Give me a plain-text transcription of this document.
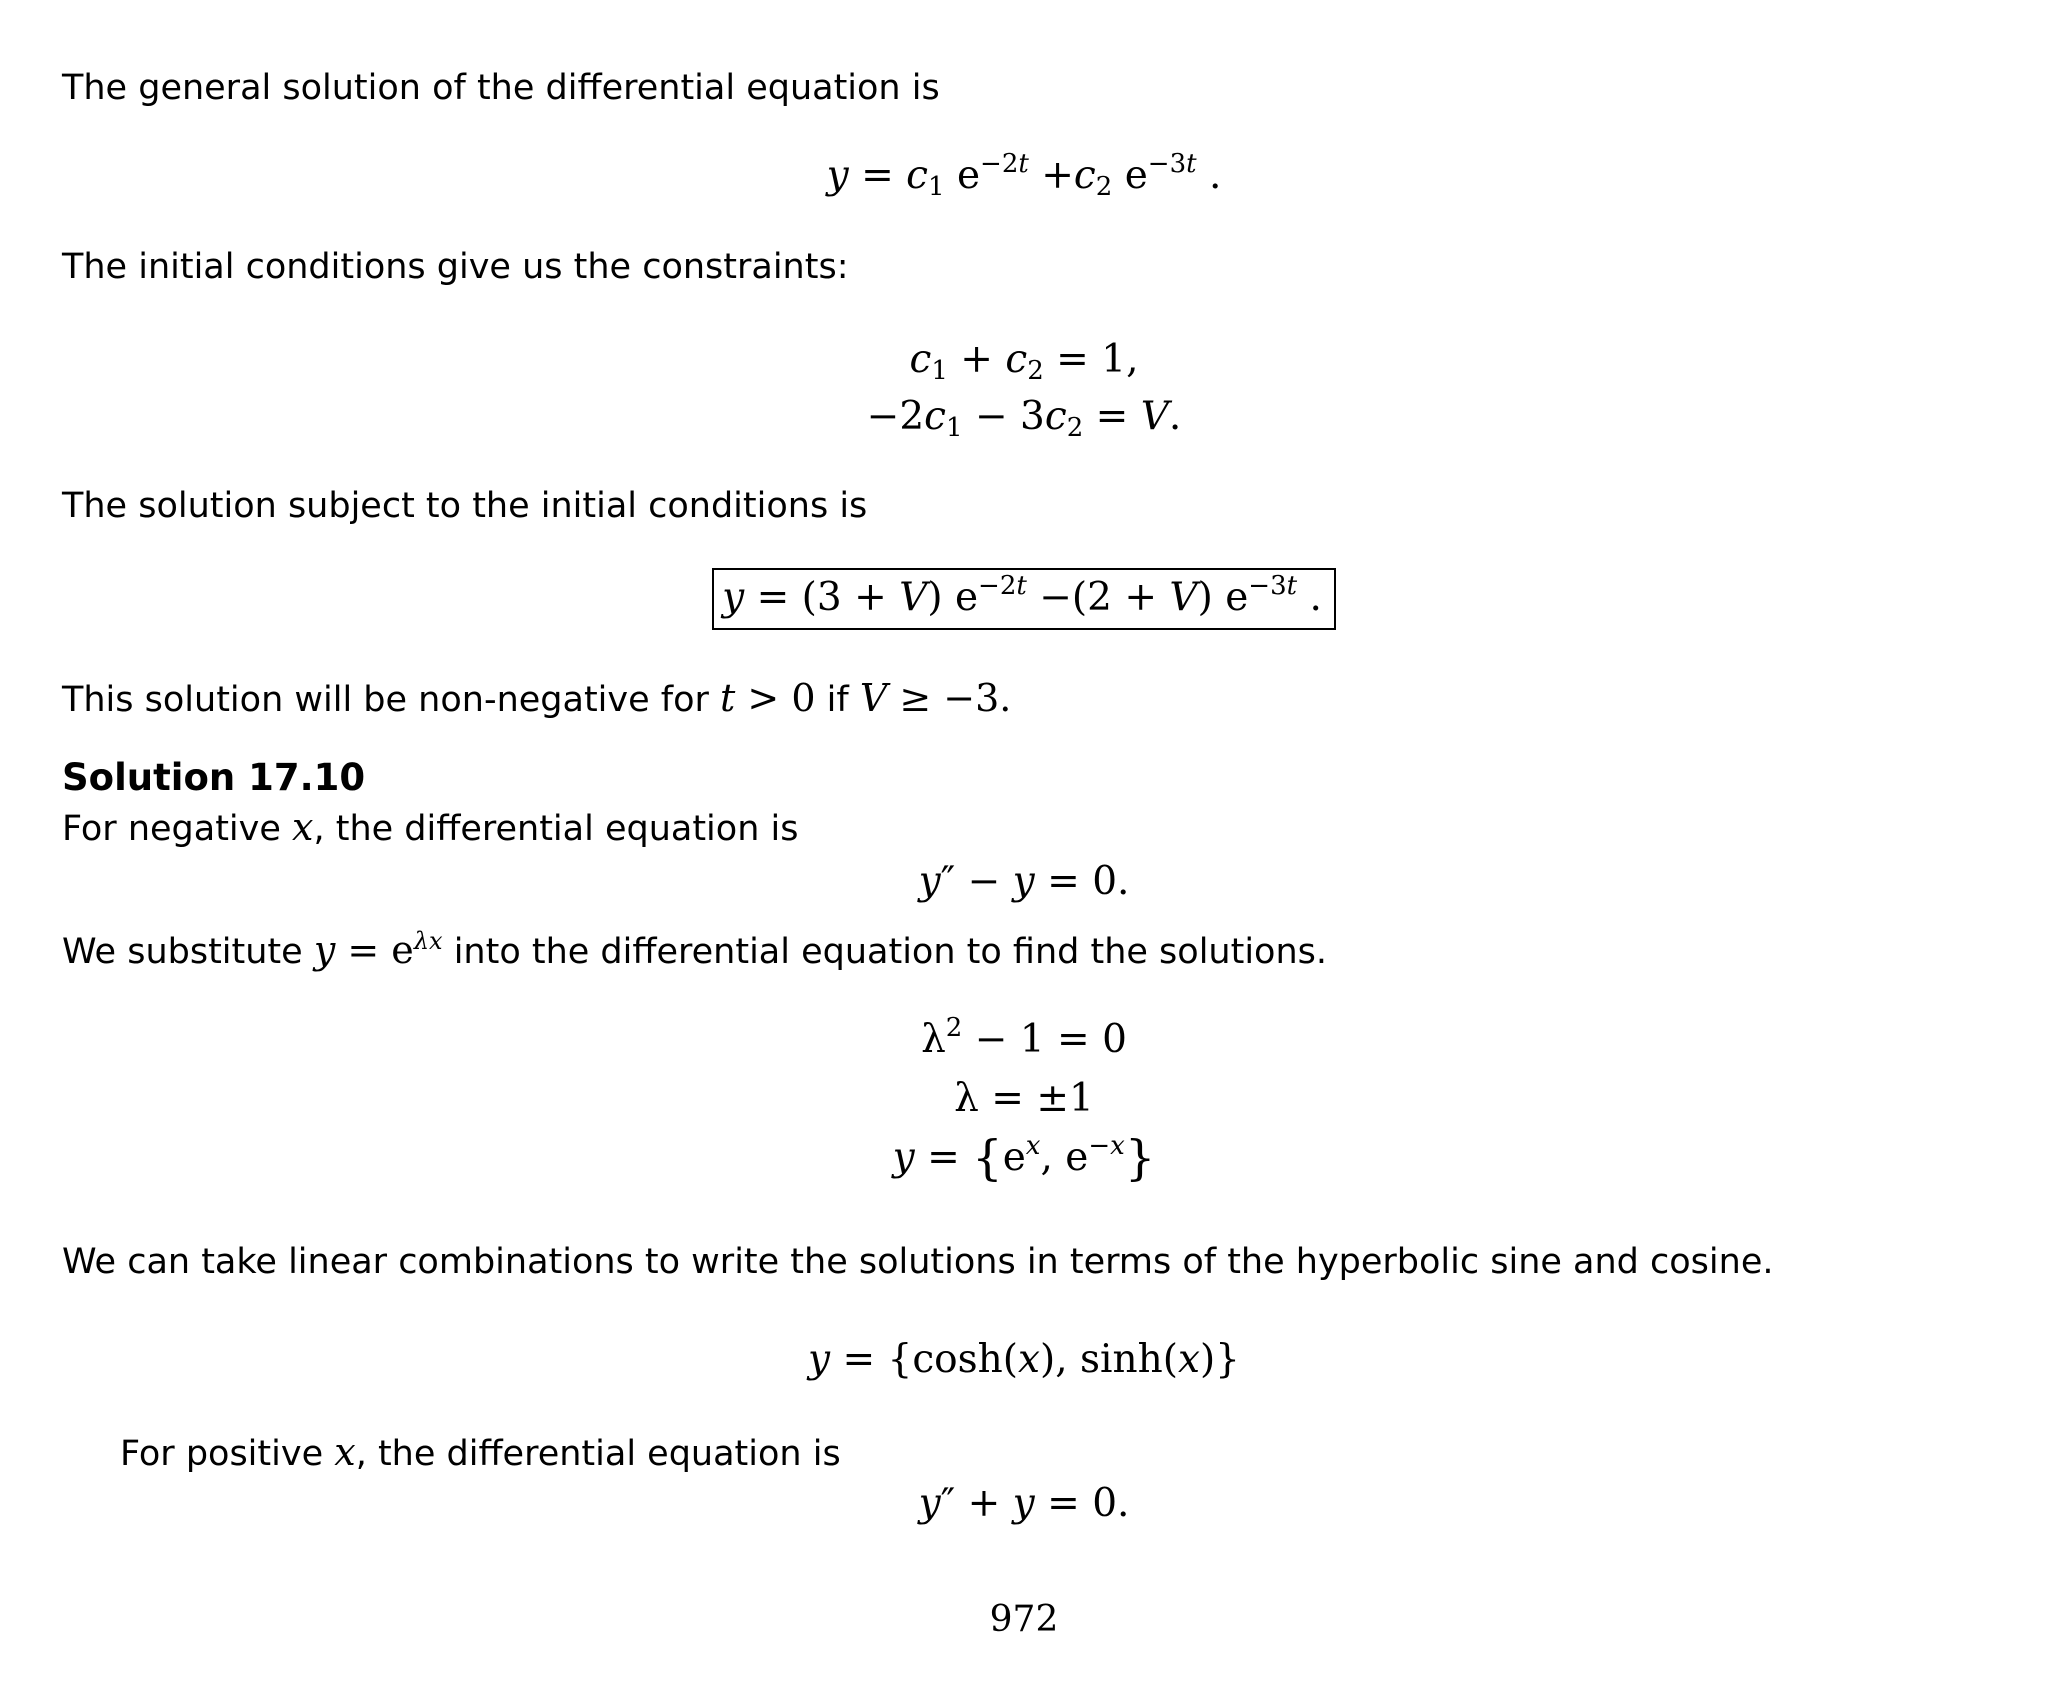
The general solution of the differential equation is

$y = c_1$ $e^{-2t} +c_2$ $e^{-3t}$ .

The initial conditions give us the constraints:

$c_1 + c_2 = 1$,
$-2c_1 - 3c_2 = V$.

The solution subject to the initial conditions is

y = (3 + V) $e^{-2t} -(2 + V)$ $e^{-3t}$ .

This solution will be non-negative for t > 0 if V ≥ −3.

Solution 17.10

For negative x, the differential equation is

y″ − y = 0.

We substitute $y = e^{\lambda x}$ into the differential equation to find the solutions.

$\lambda^2 - 1 = 0$
λ = ±1
$y = \{e^x$, $e^{-x}$}

We can take linear combinations to write the solutions in terms of the hyperbolic sine and cosine.

y = {cosh(x), sinh(x)}

For positive x, the differential equation is

y″ + y = 0.
972
